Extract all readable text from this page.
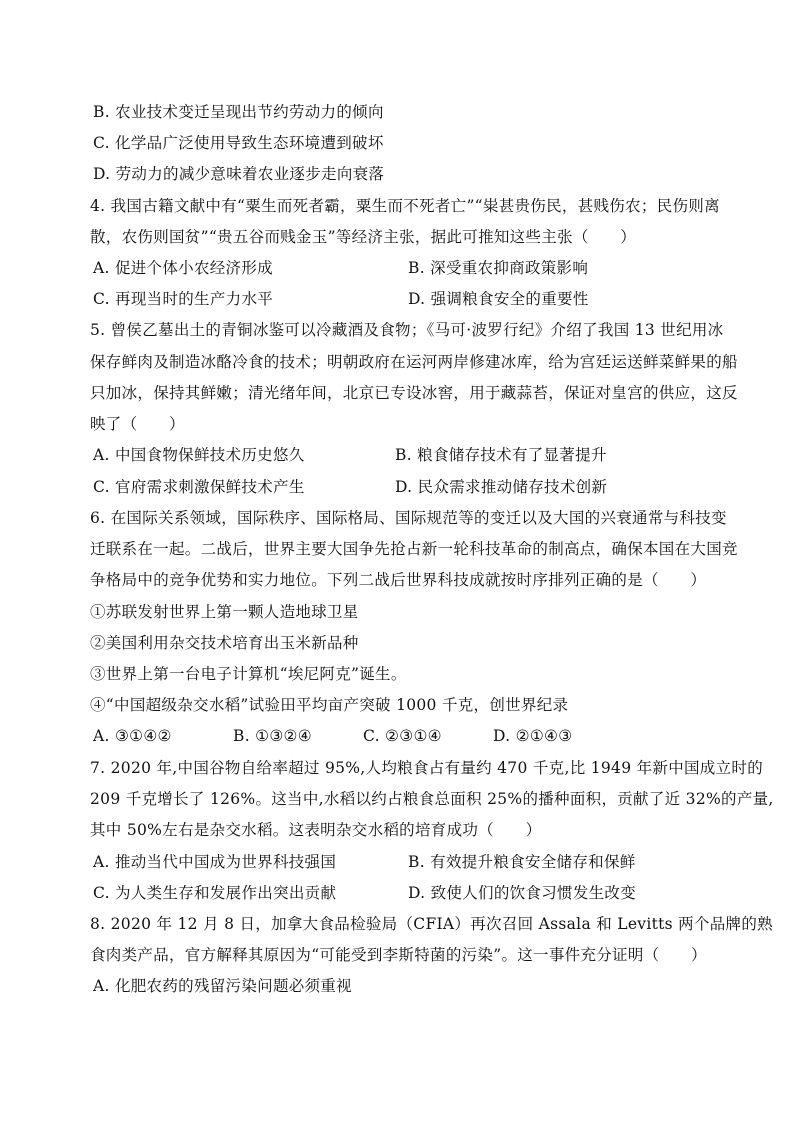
B. 农业技术变迁呈现出节约劳动力的倾向
C. 化学品广泛使用导致生态环境遭到破坏
D. 劳动力的减少意味着农业逐步走向衰落
4. 我国古籍文献中有“粟生而死者霸，粟生而不死者亡”“粜甚贵伤民，甚贱伤农；民伤则离
散，农伤则国贫”“贵五谷而贱金玉”等经济主张，据此可推知这些主张（　　）
A. 促进个体小农经济形成	B. 深受重农抑商政策影响
C. 再现当时的生产力水平	D. 强调粮食安全的重要性
5. 曾侯乙墓出土的青铜冰鉴可以冷藏酒及食物；《马可·波罗行纪》介绍了我国 13 世纪用冰
保存鲜肉及制造冰酪冷食的技术；明朝政府在运河两岸修建冰库，给为宫廷运送鲜菜鲜果的船
只加冰，保持其鲜嫩；清光绪年间，北京已专设冰窖，用于藏蒜苔，保证对皇宫的供应，这反
映了（　　）
A. 中国食物保鲜技术历史悠久	B. 粮食储存技术有了显著提升
C. 官府需求刺激保鲜技术产生	D. 民众需求推动储存技术创新
6. 在国际关系领域，国际秩序、国际格局、国际规范等的变迁以及大国的兴衰通常与科技变
迁联系在一起。二战后，世界主要大国争先抢占新一轮科技革命的制高点，确保本国在大国竞
争格局中的竞争优势和实力地位。下列二战后世界科技成就按时序排列正确的是（　　）
①苏联发射世界上第一颗人造地球卫星
②美国利用杂交技术培育出玉米新品种
③世界上第一台电子计算机“埃尼阿克”诞生。
④“中国超级杂交水稻”试验田平均亩产突破 1000 千克，创世界纪录
A. ③①④②	B. ①③②④	C. ②③①④	D. ②①④③
7. 2020 年,中国谷物自给率超过 95%,人均粮食占有量约 470 千克,比 1949 年新中国成立时的
209 千克增长了 126%。这当中,水稻以约占粮食总面积 25%的播种面积，贡献了近 32%的产量,
其中 50%左右是杂交水稻。这表明杂交水稻的培育成功（　　）
A. 推动当代中国成为世界科技强国	B. 有效提升粮食安全储存和保鲜
C. 为人类生存和发展作出突出贡献	D. 致使人们的饮食习惯发生改变
8. 2020 年 12 月 8 日，加拿大食品检验局（CFIA）再次召回 Assala 和 Levitts 两个品牌的熟
食肉类产品，官方解释其原因为“可能受到李斯特菌的污染”。这一事件充分证明（　　）
A. 化肥农药的残留污染问题必须重视
